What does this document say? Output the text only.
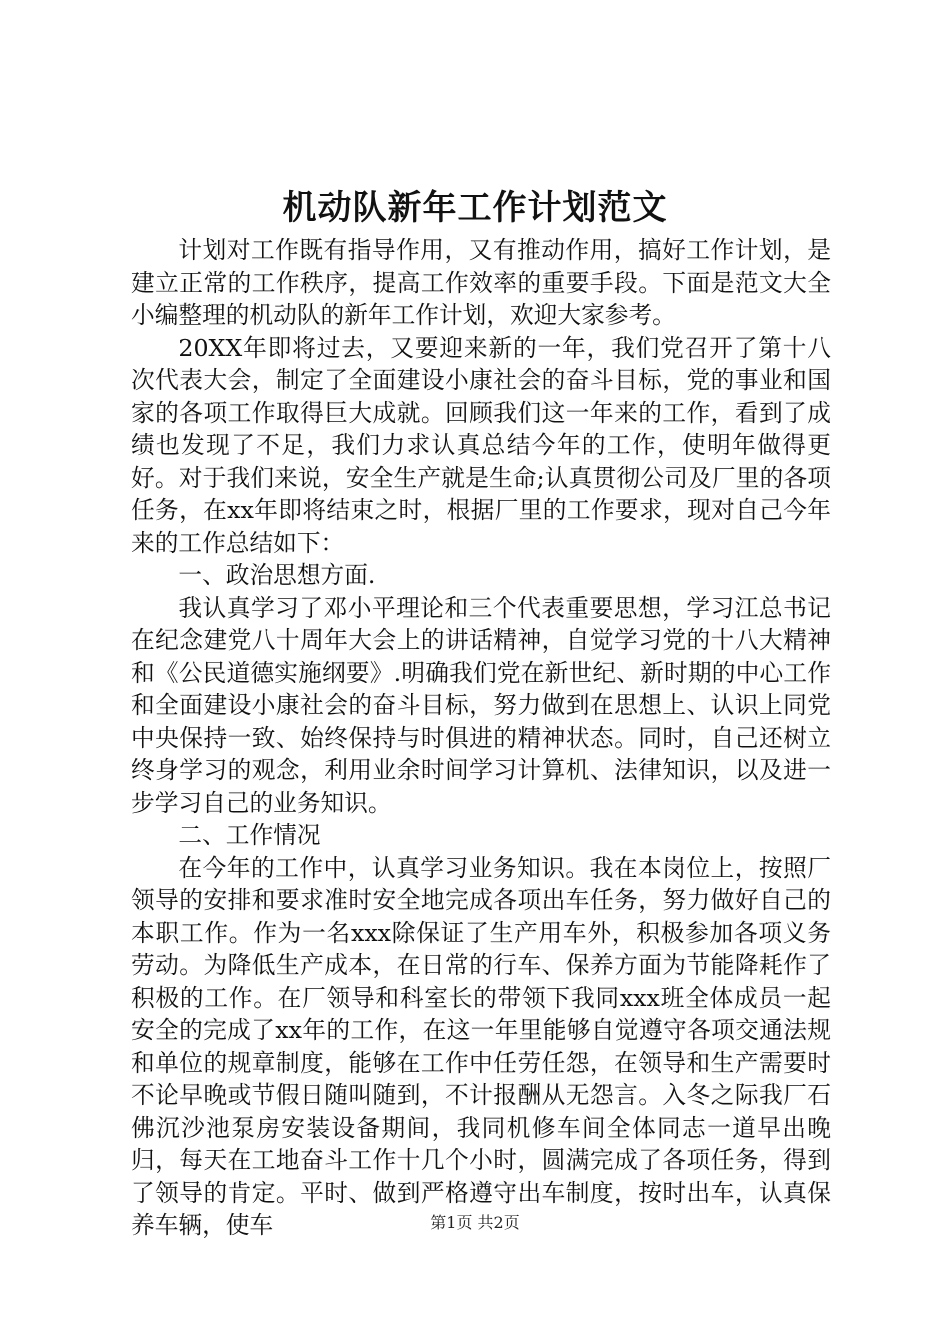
机动队新年工作计划范文

计划对工作既有指导作用，又有推动作用，搞好工作计划，是建立正常的工作秩序，提高工作效率的重要手段。下面是范文大全小编整理的机动队的新年工作计划，欢迎大家参考。

20XX年即将过去，又要迎来新的一年，我们党召开了第十八次代表大会，制定了全面建设小康社会的奋斗目标，党的事业和国家的各项工作取得巨大成就。回顾我们这一年来的工作，看到了成绩也发现了不足，我们力求认真总结今年的工作，使明年做得更好。对于我们来说，安全生产就是生命;认真贯彻公司及厂里的各项任务，在xx年即将结束之时，根据厂里的工作要求，现对自己今年来的工作总结如下：

一、政治思想方面.

我认真学习了邓小平理论和三个代表重要思想，学习江总书记在纪念建党八十周年大会上的讲话精神，自觉学习党的十八大精神和《公民道德实施纲要》.明确我们党在新世纪、新时期的中心工作和全面建设小康社会的奋斗目标，努力做到在思想上、认识上同党中央保持一致、始终保持与时俱进的精神状态。同时，自己还树立终身学习的观念，利用业余时间学习计算机、法律知识，以及进一步学习自己的业务知识。

二、工作情况

在今年的工作中，认真学习业务知识。我在本岗位上，按照厂领导的安排和要求准时安全地完成各项出车任务，努力做好自己的本职工作。作为一名xxx除保证了生产用车外，积极参加各项义务劳动。为降低生产成本，在日常的行车、保养方面为节能降耗作了积极的工作。在厂领导和科室长的带领下我同xxx班全体成员一起安全的完成了xx年的工作，在这一年里能够自觉遵守各项交通法规和单位的规章制度，能够在工作中任劳任怨，在领导和生产需要时不论早晚或节假日随叫随到，不计报酬从无怨言。入冬之际我厂石佛沉沙池泵房安装设备期间，我同机修车间全体同志一道早出晚归，每天在工地奋斗工作十几个小时，圆满完成了各项任务，得到了领导的肯定。平时、做到严格遵守出车制度，按时出车，认真保养车辆，使车	第1页 共2页
